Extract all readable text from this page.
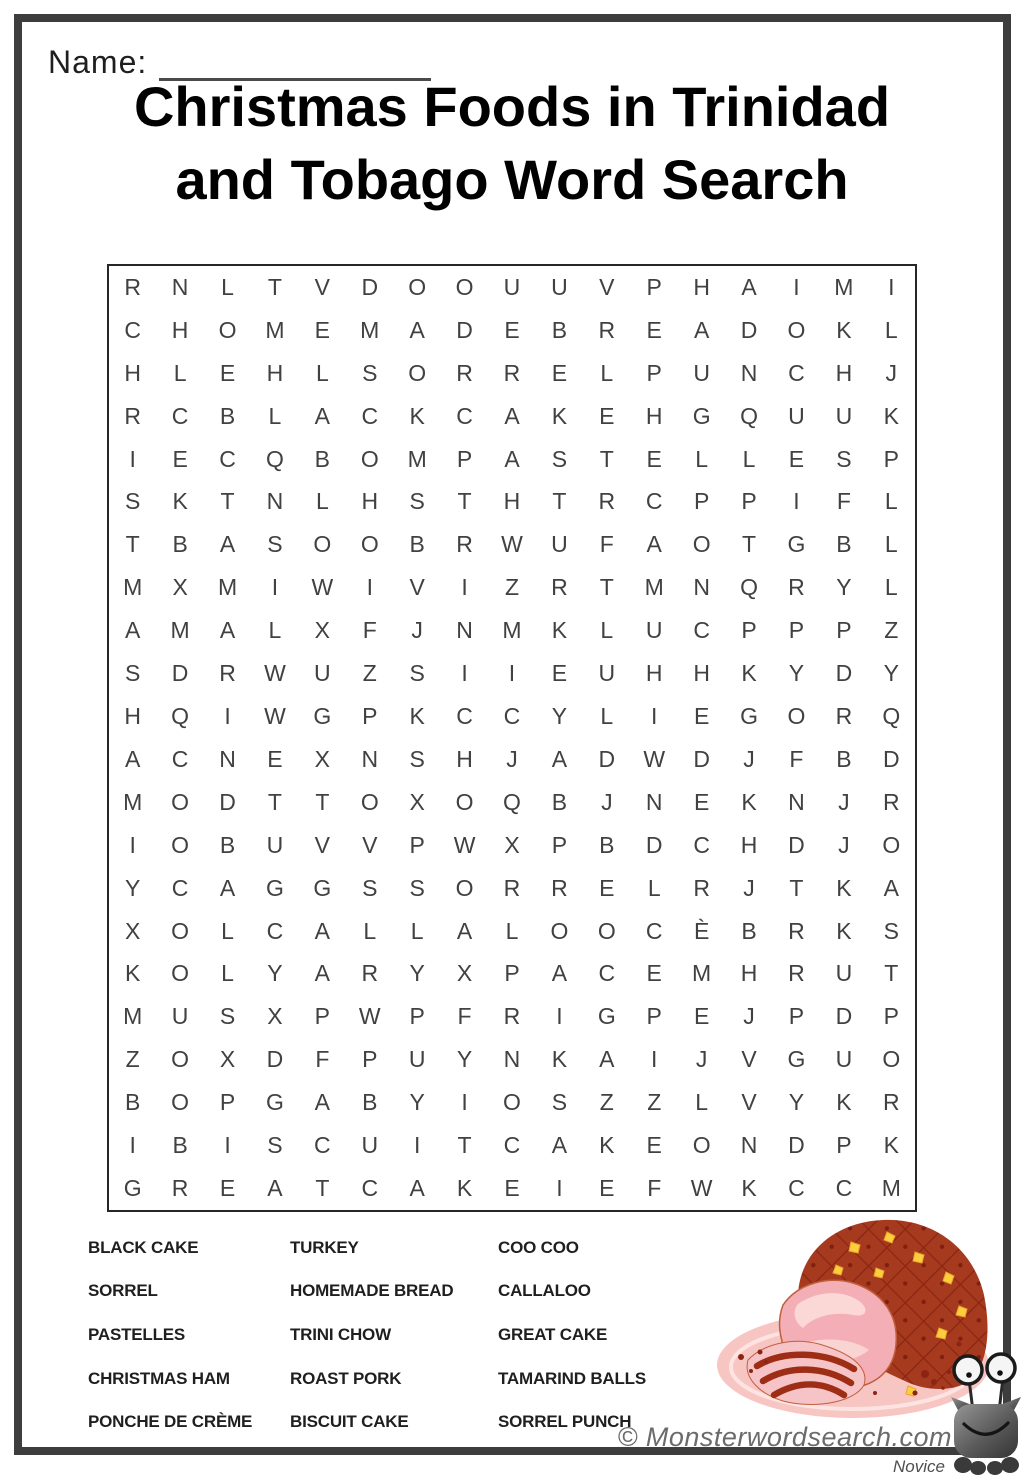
Name:
Christmas Foods in Trinidad
and Tobago Word Search
R	N	L	T	V	D	O	O	U	U	V	P	H	A	I	M	I
C	H	O	M	E	M	A	D	E	B	R	E	A	D	O	K	L
H	L	E	H	L	S	O	R	R	E	L	P	U	N	C	H	J
R	C	B	L	A	C	K	C	A	K	E	H	G	Q	U	U	K
I	E	C	Q	B	O	M	P	A	S	T	E	L	L	E	S	P
S	K	T	N	L	H	S	T	H	T	R	C	P	P	I	F	L
T	B	A	S	O	O	B	R	W	U	F	A	O	T	G	B	L
M	X	M	I	W	I	V	I	Z	R	T	M	N	Q	R	Y	L
A	M	A	L	X	F	J	N	M	K	L	U	C	P	P	P	Z
S	D	R	W	U	Z	S	I	I	E	U	H	H	K	Y	D	Y
H	Q	I	W	G	P	K	C	C	Y	L	I	E	G	O	R	Q
A	C	N	E	X	N	S	H	J	A	D	W	D	J	F	B	D
M	O	D	T	T	O	X	O	Q	B	J	N	E	K	N	J	R
I	O	B	U	V	V	P	W	X	P	B	D	C	H	D	J	O
Y	C	A	G	G	S	S	O	R	R	E	L	R	J	T	K	A
X	O	L	C	A	L	L	A	L	O	O	C	È	B	R	K	S
K	O	L	Y	A	R	Y	X	P	A	C	E	M	H	R	U	T
M	U	S	X	P	W	P	F	R	I	G	P	E	J	P	D	P
Z	O	X	D	F	P	U	Y	N	K	A	I	J	V	G	U	O
B	O	P	G	A	B	Y	I	O	S	Z	Z	L	V	Y	K	R
I	B	I	S	C	U	I	T	C	A	K	E	O	N	D	P	K
G	R	E	A	T	C	A	K	E	I	E	F	W	K	C	C	M
BLACK CAKE	TURKEY	COO COO
SORREL	HOMEMADE BREAD	CALLALOO
PASTELLES	TRINI CHOW	GREAT CAKE
CHRISTMAS HAM	ROAST PORK	TAMARIND BALLS
PONCHE DE CRÈME	BISCUIT CAKE	SORREL PUNCH
© Monsterwordsearch.com
Novice
